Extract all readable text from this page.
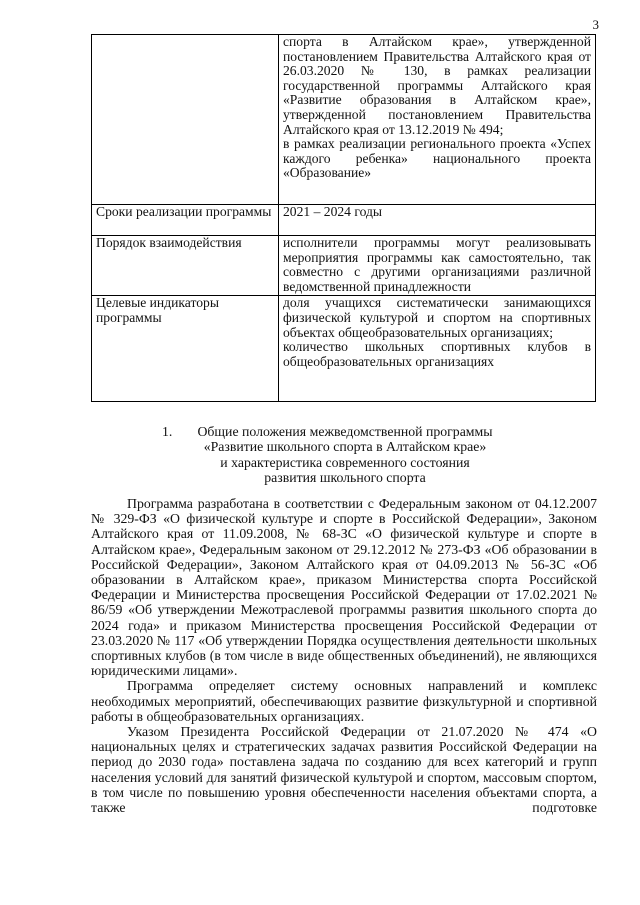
3

	спорта в Алтайском крае», утвержденной постановлением Правительства Алтайского края от 26.03.2020 № 130, в рамках реализации государственной программы Алтайского края «Развитие образования в Алтайском крае», утвержденной постановлением Правительства Алтайского края от 13.12.2019 № 494;
в рамках реализации регионального проекта «Успех каждого ребенка» национального проекта «Образование»

Сроки реализации программы	2021 – 2024 годы

Порядок взаимодействия	исполнители программы могут реализовывать мероприятия программы как самостоятельно, так совместно с другими организациями различной ведомственной принадлежности

Целевые индикаторы программы	доля учащихся систематически занимающихся физической культурой и спортом на спортивных объектах общеобразовательных организациях;
количество школьных спортивных клубов в общеобразовательных организациях
1.	Общие положения межведомственной программы
«Развитие школьного спорта в Алтайском крае»
и характеристика современного состояния
развития школьного спорта

Программа разработана в соответствии с Федеральным законом от 04.12.2007 № 329-ФЗ «О физической культуре и спорте в Российской Федерации», Законом Алтайского края от 11.09.2008, № 68-ЗС «О физической культуре и спорте в Алтайском крае», Федеральным законом от 29.12.2012 № 273-ФЗ «Об образовании в Российской Федерации», Законом Алтайского края от 04.09.2013 № 56-ЗС «Об образовании в Алтайском крае», приказом Министерства спорта Российской Федерации и Министерства просвещения Российской Федерации от 17.02.2021 № 86/59 «Об утверждении Межотраслевой программы развития школьного спорта до 2024 года» и приказом Министерства просвещения Российской Федерации от 23.03.2020 № 117 «Об утверждении Порядка осуществления деятельности школьных спортивных клубов (в том числе в виде общественных объединений), не являющихся юридическими лицами».

Программа определяет систему основных направлений и комплекс необходимых мероприятий, обеспечивающих развитие физкультурной и спортивной работы в общеобразовательных организациях.

Указом Президента Российской Федерации от 21.07.2020 № 474 «О национальных целях и стратегических задачах развития Российской Федерации на период до 2030 года» поставлена задача по созданию для всех категорий и групп населения условий для занятий физической культурой и спортом, массовым спортом, в том числе по повышению уровня обеспеченности населения объектами спорта, а также подготовке
